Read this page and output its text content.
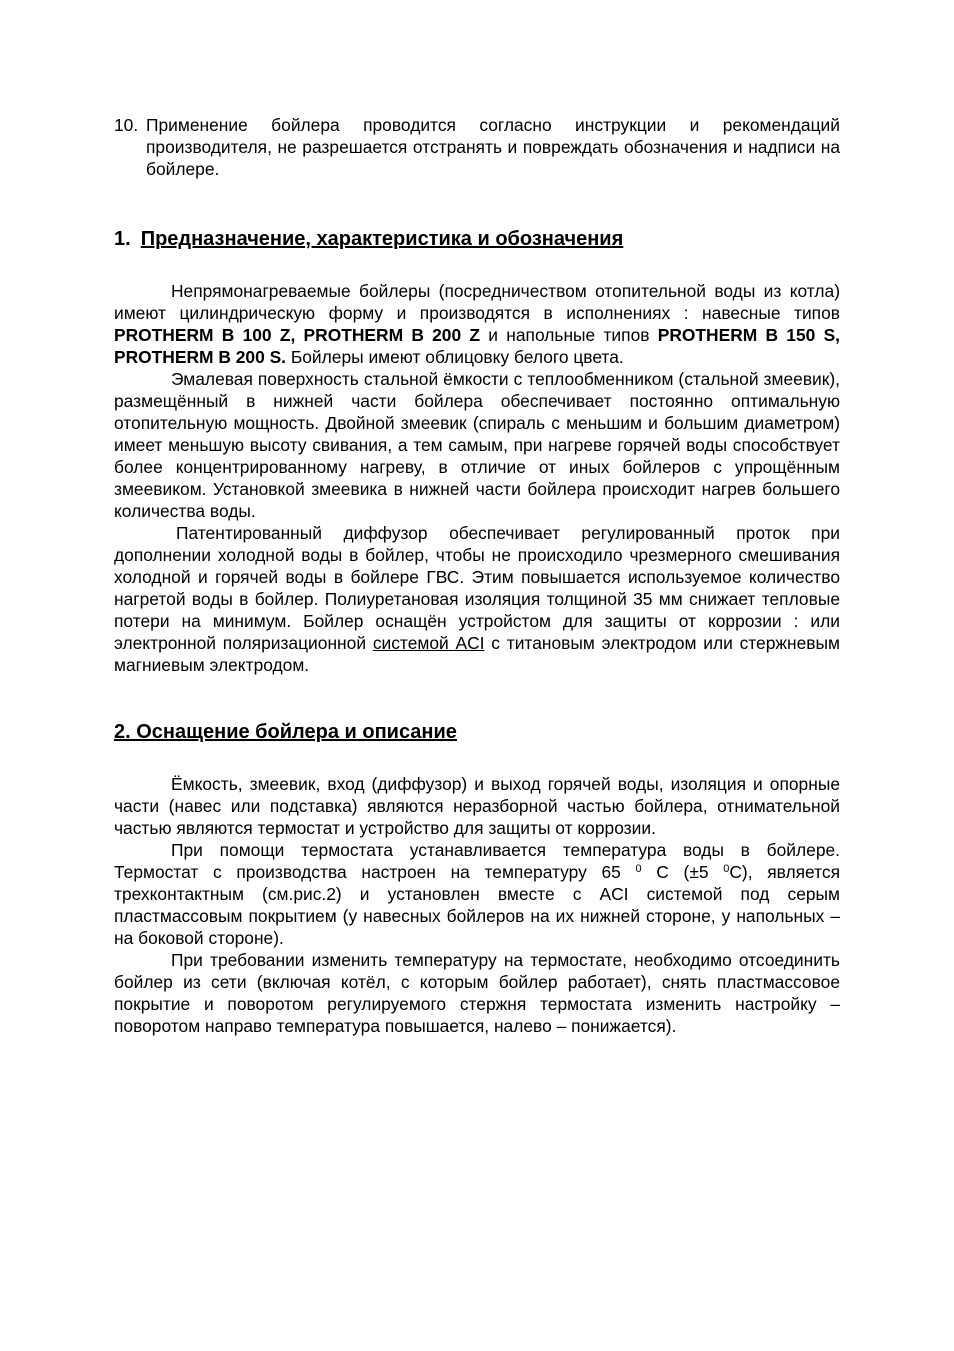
10. Применение бойлера проводится согласно инструкции и рекомендаций производителя, не разрешается отстранять и повреждать обозначения и надписи на бойлере.

1. Предназначение, характеристика и обозначения

Непрямонагреваемые бойлеры (посредничеством отопительной воды из котла) имеют цилиндрическую форму и производятся в исполнениях : навесные типов PROTHERM B 100 Z, PROTHERM B 200 Z и напольные типов PROTHERM B 150 S, PROTHERM B 200 S. Бойлеры имеют облицовку белого цвета.

Эмалевая поверхность стальной ёмкости с теплообменником (стальной змеевик), размещённый в нижней части бойлера обеспечивает постоянно оптимальную отопительную мощность. Двойной змеевик (спираль с меньшим и большим диаметром) имеет меньшую высоту свивания, а тем самым, при нагреве горячей воды способствует более концентрированному нагреву, в отличие от иных бойлеров с упрощённым змеевиком. Установкой змеевика в нижней части бойлера происходит нагрев большего количества воды.

Патентированный диффузор обеспечивает регулированный проток при дополнении холодной воды в бойлер, чтобы не происходило чрезмерного смешивания холодной и горячей воды в бойлере ГВС. Этим повышается используемое количество нагретой воды в бойлер. Полиуретановая изоляция толщиной 35 мм снижает тепловые потери на минимум. Бойлер оснащён устройстом для защиты от коррозии : или электронной поляризационной системой ACI с титановым электродом или стержневым магниевым электродом.

2. Оснащение бойлера и описание

Ёмкость, змеевик, вход (диффузор) и выход горячей воды, изоляция и опорные части (навес или подставка) являются неразборной частью бойлера, отнимательной частью являются термостат и устройство для защиты от коррозии.

При помощи термостата устанавливается температура воды в бойлере. Термостат с производства настроен на температуру 65 $^0$ С (±5 $^0$С), является трехконтактным (см.рис.2) и установлен вместе с ACI системой под серым пластмассовым покрытием (у навесных бойлеров на их нижней стороне, у напольных – на боковой стороне).

При требовании изменить температуру на термостате, необходимо отсоединить бойлер из сети (включая котёл, с которым бойлер работает), снять пластмассовое покрытие и поворотом регулируемого стержня термостата изменить настройку – поворотом направо температура повышается, налево – понижается).
